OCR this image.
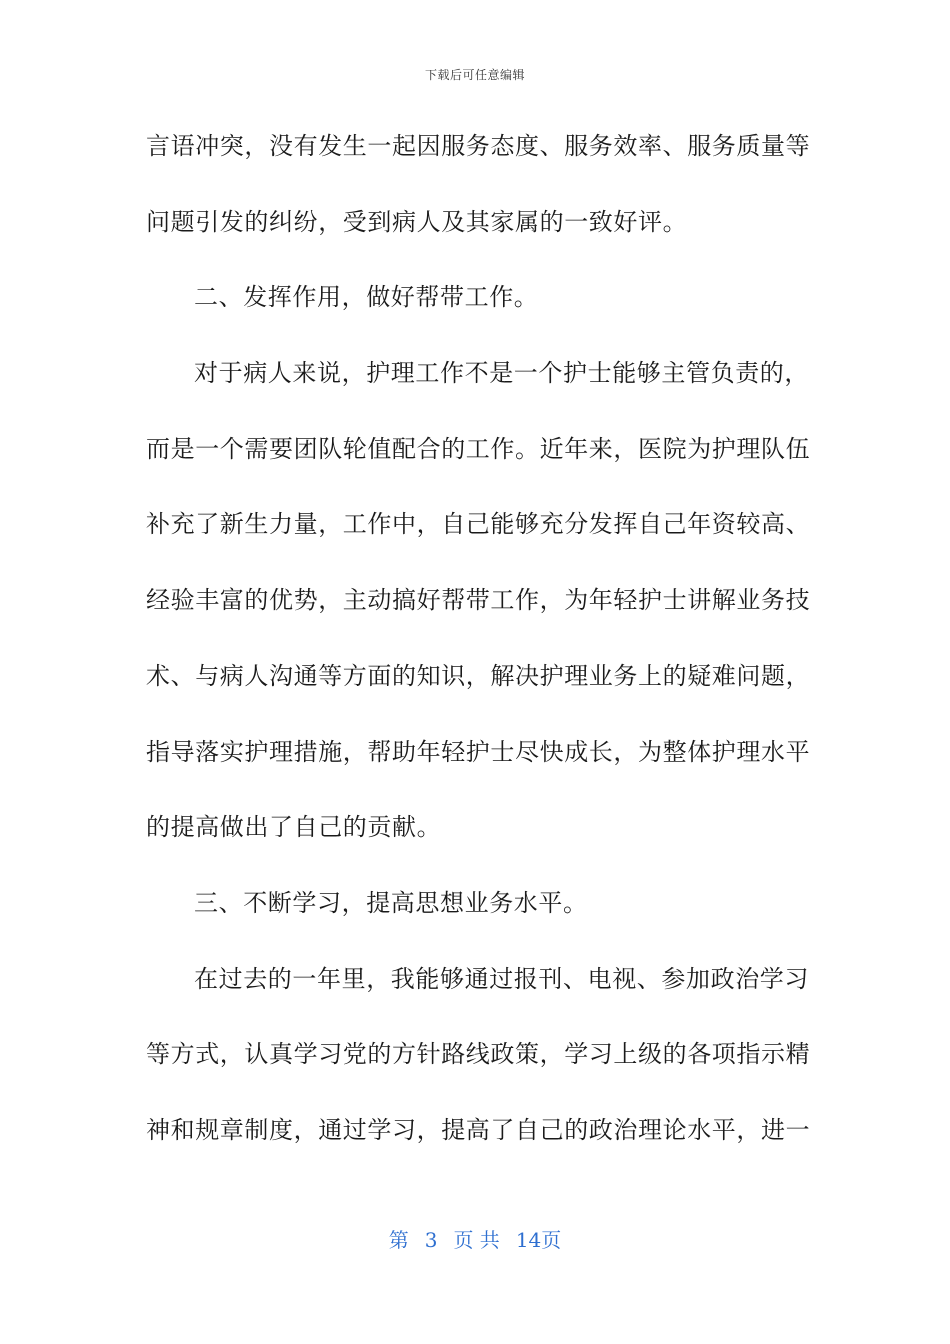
下载后可任意编辑
言语冲突，没有发生一起因服务态度、服务效率、服务质量等
问题引发的纠纷，受到病人及其家属的一致好评。
二、发挥作用，做好帮带工作。
对于病人来说，护理工作不是一个护士能够主管负责的，
而是一个需要团队轮值配合的工作。近年来，医院为护理队伍
补充了新生力量，工作中，自己能够充分发挥自己年资较高、
经验丰富的优势，主动搞好帮带工作，为年轻护士讲解业务技
术、与病人沟通等方面的知识，解决护理业务上的疑难问题，
指导落实护理措施，帮助年轻护士尽快成长，为整体护理水平
的提高做出了自己的贡献。
三、不断学习，提高思想业务水平。
在过去的一年里，我能够通过报刊、电视、参加政治学习
等方式，认真学习党的方针路线政策，学习上级的各项指示精
神和规章制度，通过学习，提高了自己的政治理论水平，进一
第 3 页 共 14页
